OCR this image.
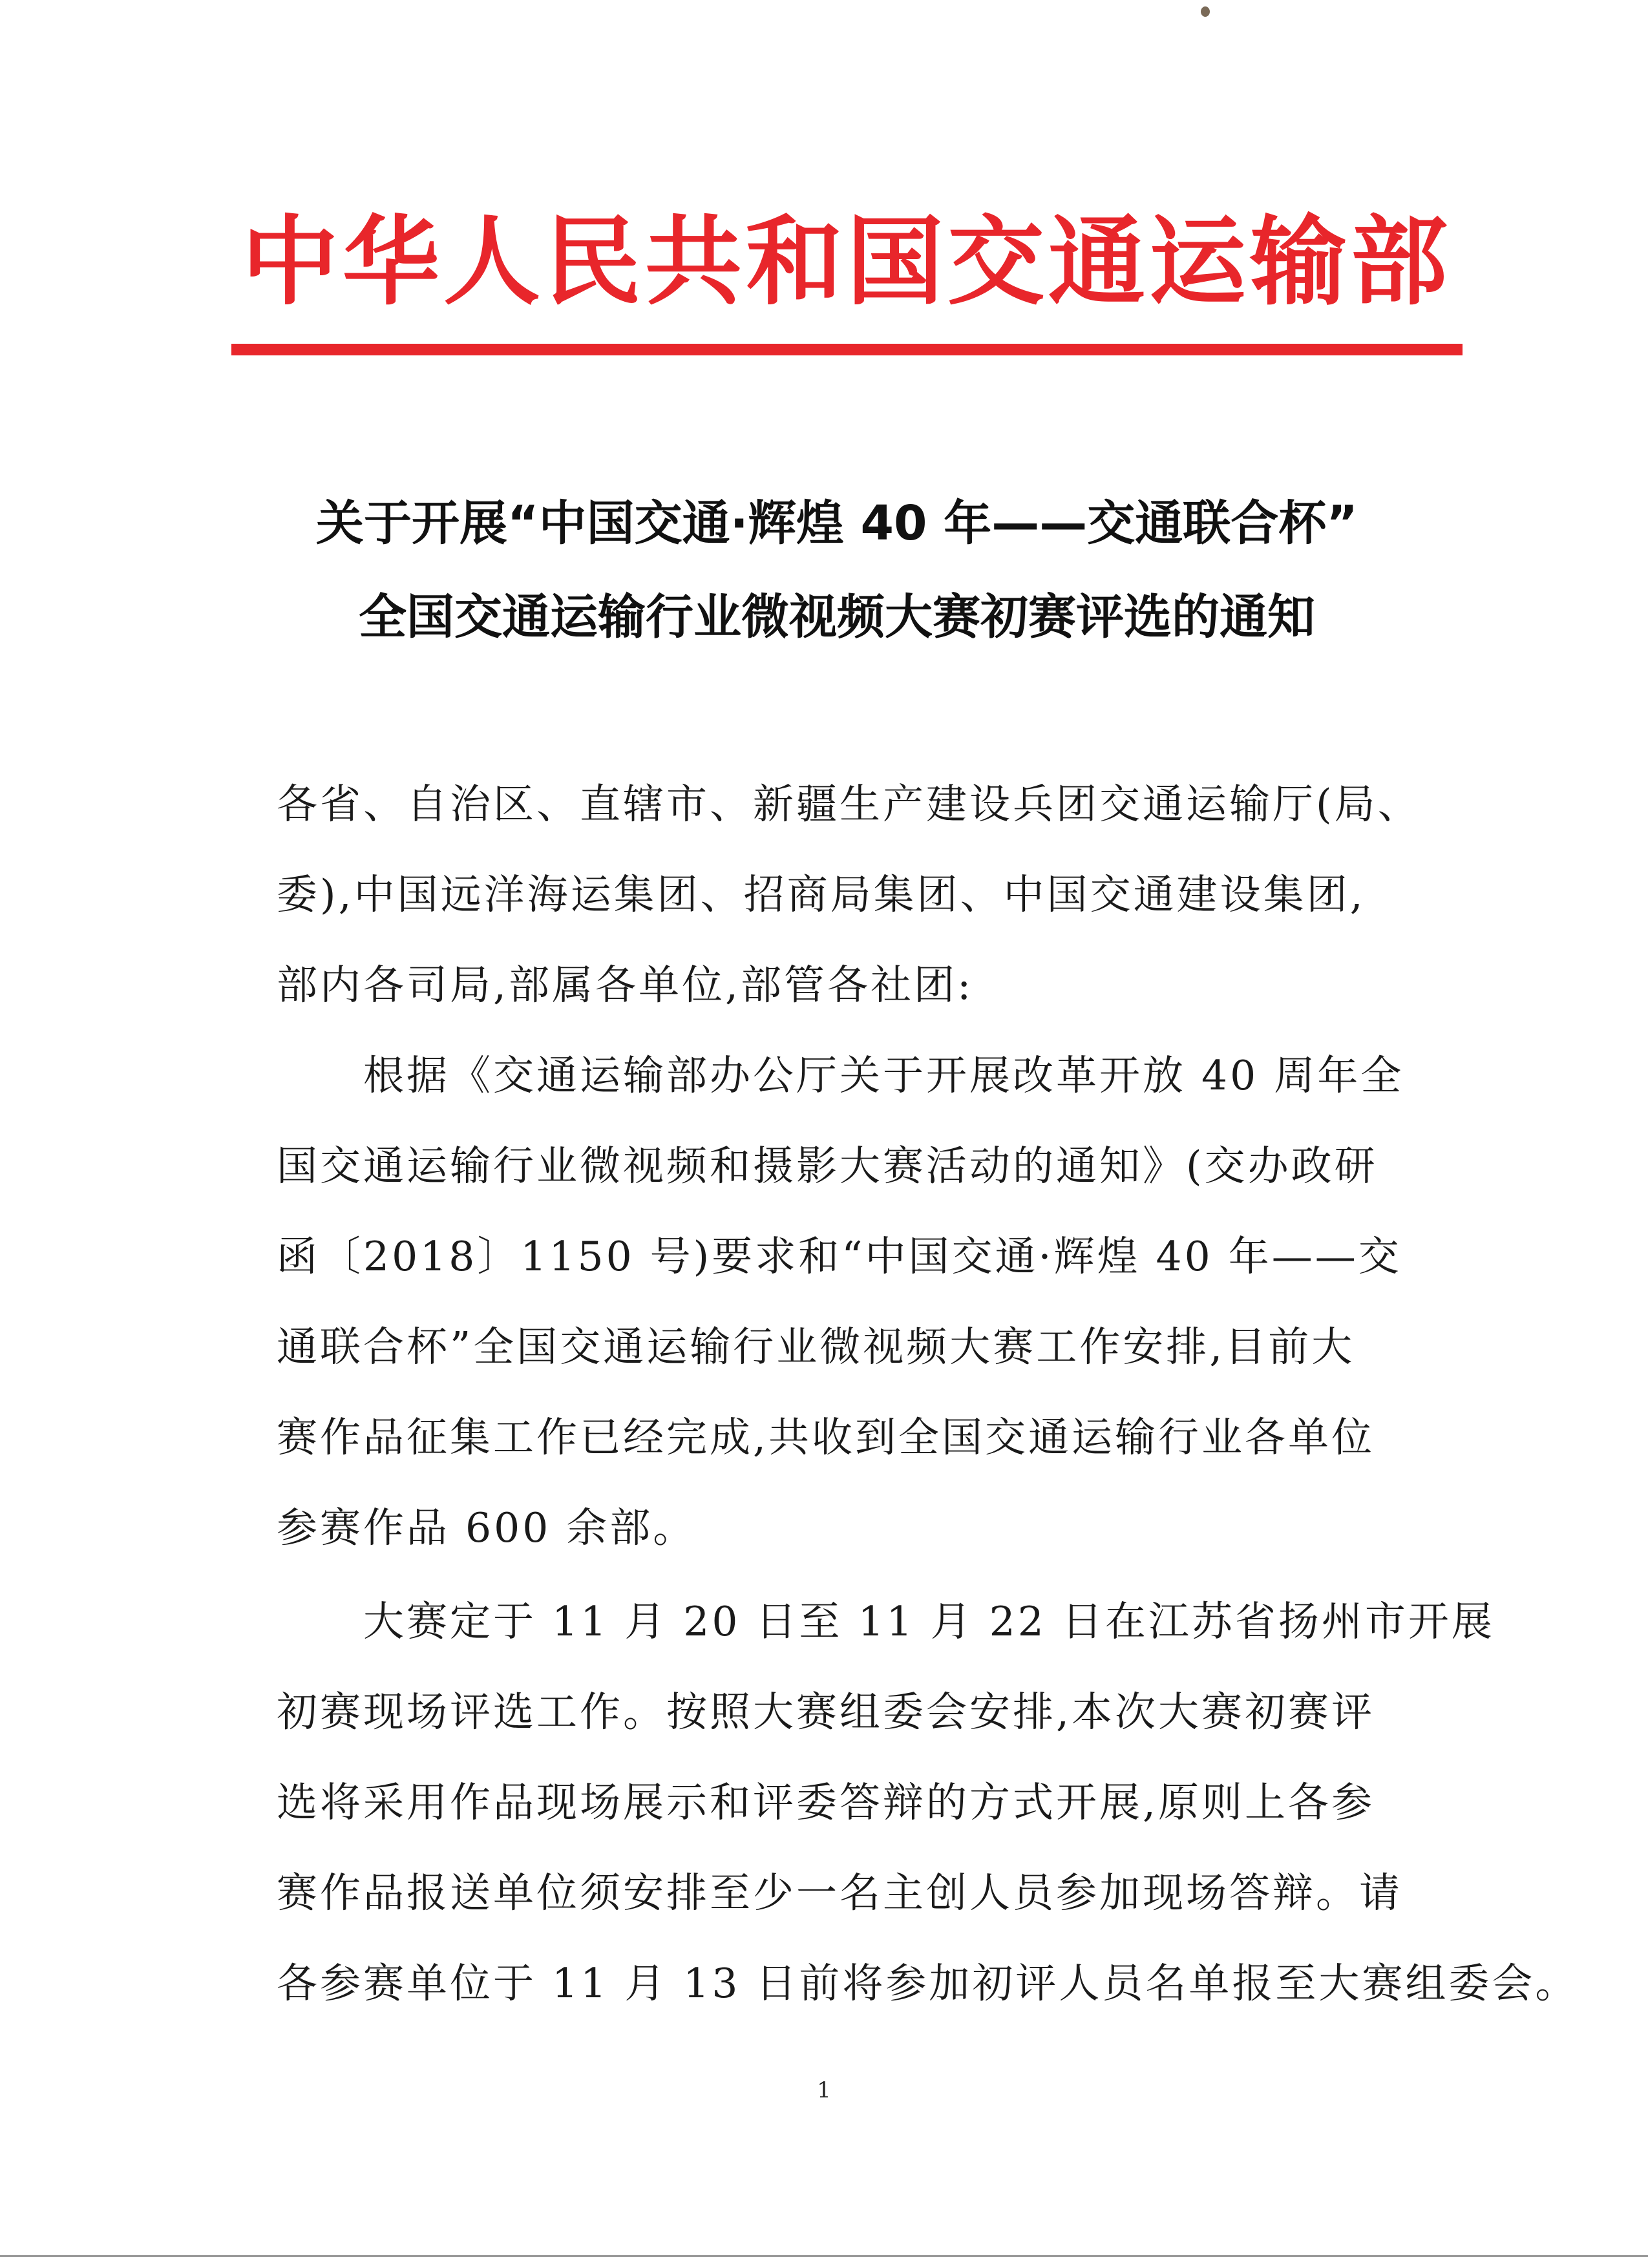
中华人民共和国交通运输部
关于开展“中国交通·辉煌 40 年——交通联合杯”
全国交通运输行业微视频大赛初赛评选的通知
各省、自治区、直辖市、新疆生产建设兵团交通运输厅(局、
委),中国远洋海运集团、招商局集团、中国交通建设集团,
部内各司局,部属各单位,部管各社团:
　　根据《交通运输部办公厅关于开展改革开放 40 周年全
国交通运输行业微视频和摄影大赛活动的通知》(交办政研
函〔2018〕1150 号)要求和“中国交通·辉煌 40 年——交
通联合杯”全国交通运输行业微视频大赛工作安排,目前大
赛作品征集工作已经完成,共收到全国交通运输行业各单位
参赛作品 600 余部。
　　大赛定于 11 月 20 日至 11 月 22 日在江苏省扬州市开展
初赛现场评选工作。按照大赛组委会安排,本次大赛初赛评
选将采用作品现场展示和评委答辩的方式开展,原则上各参
赛作品报送单位须安排至少一名主创人员参加现场答辩。请
各参赛单位于 11 月 13 日前将参加初评人员名单报至大赛组委会。
1
